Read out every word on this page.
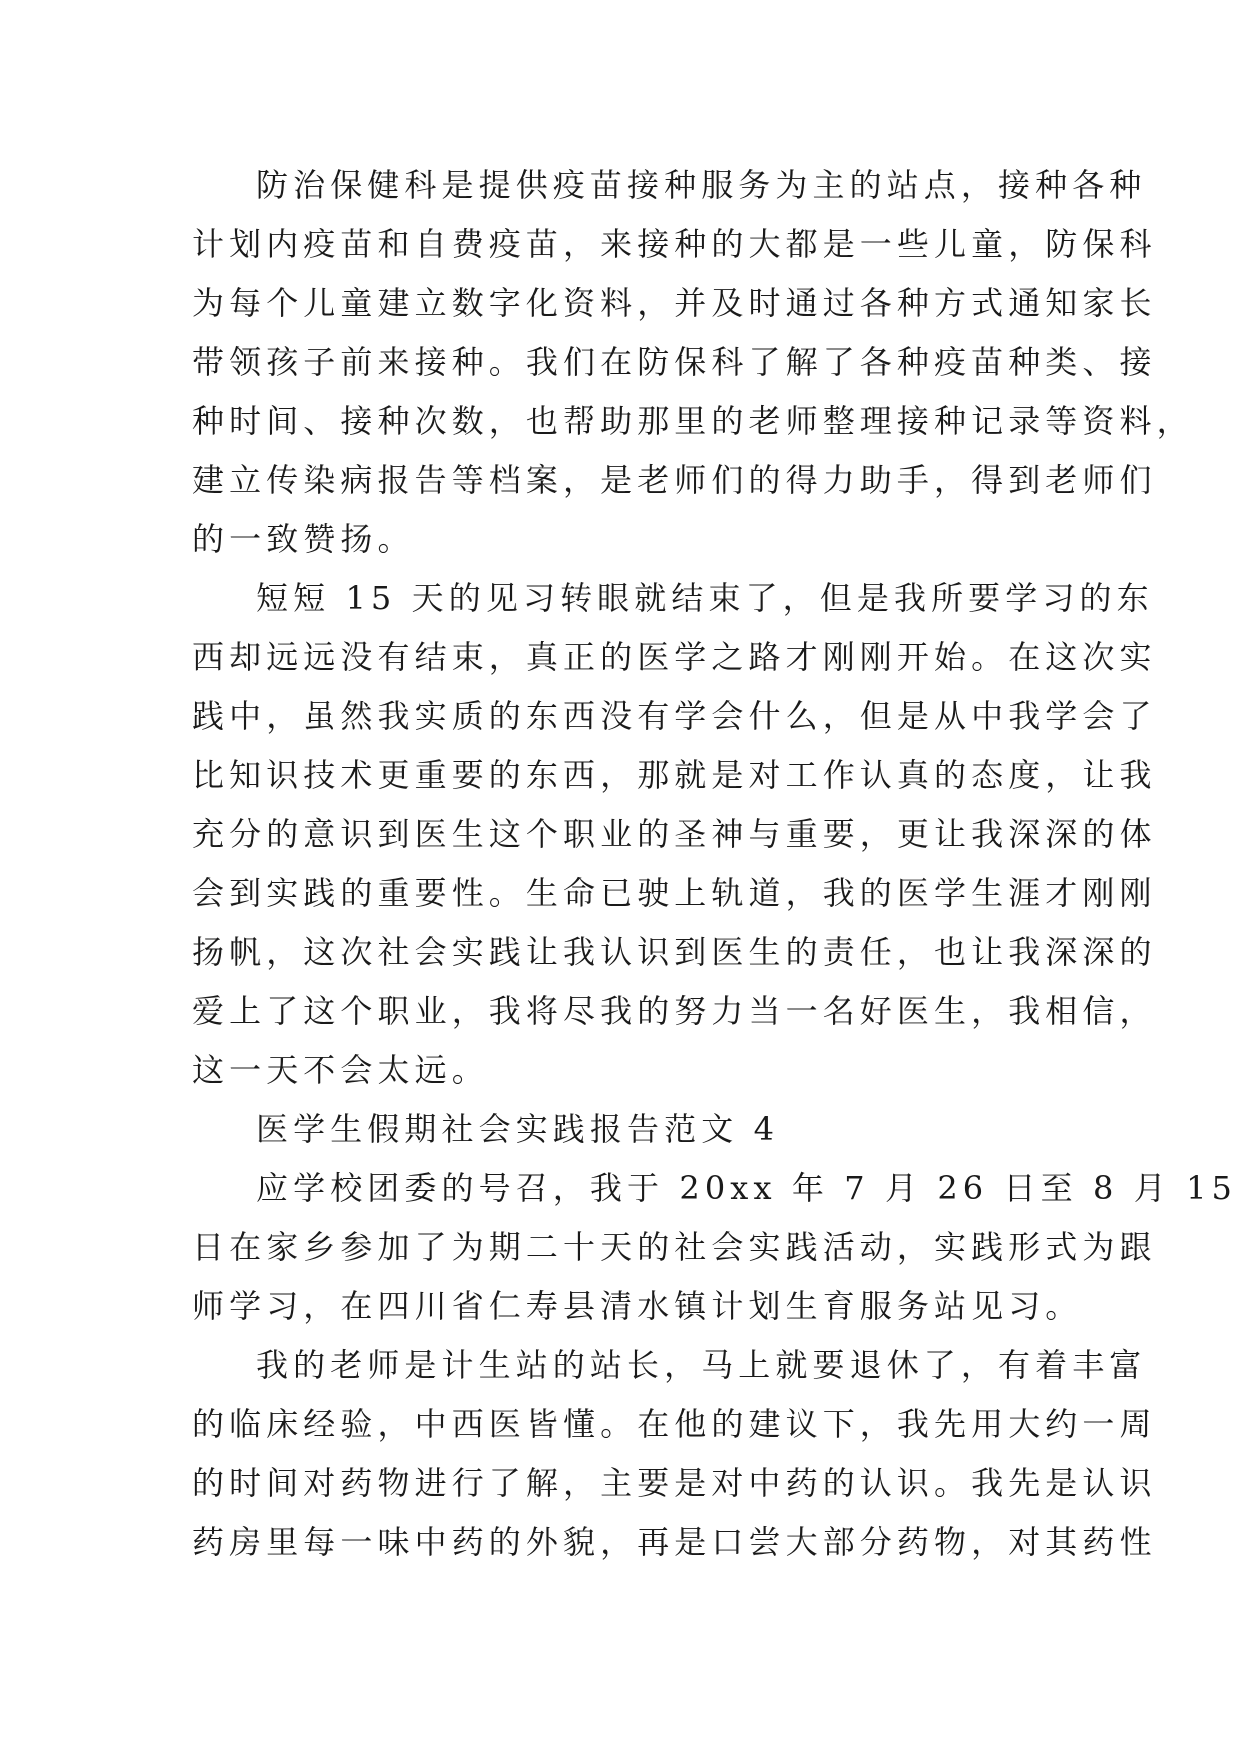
防治保健科是提供疫苗接种服务为主的站点，接种各种
计划内疫苗和自费疫苗，来接种的大都是一些儿童，防保科
为每个儿童建立数字化资料，并及时通过各种方式通知家长
带领孩子前来接种。我们在防保科了解了各种疫苗种类、接
种时间、接种次数，也帮助那里的老师整理接种记录等资料，
建立传染病报告等档案，是老师们的得力助手，得到老师们
的一致赞扬。
短短 15 天的见习转眼就结束了，但是我所要学习的东
西却远远没有结束，真正的医学之路才刚刚开始。在这次实
践中，虽然我实质的东西没有学会什么，但是从中我学会了
比知识技术更重要的东西，那就是对工作认真的态度，让我
充分的意识到医生这个职业的圣神与重要，更让我深深的体
会到实践的重要性。生命已驶上轨道，我的医学生涯才刚刚
扬帆，这次社会实践让我认识到医生的责任，也让我深深的
爱上了这个职业，我将尽我的努力当一名好医生，我相信，
这一天不会太远。
医学生假期社会实践报告范文 4
应学校团委的号召，我于 20xx 年 7 月 26 日至 8 月 15
日在家乡参加了为期二十天的社会实践活动，实践形式为跟
师学习，在四川省仁寿县清水镇计划生育服务站见习。
我的老师是计生站的站长，马上就要退休了，有着丰富
的临床经验，中西医皆懂。在他的建议下，我先用大约一周
的时间对药物进行了解，主要是对中药的认识。我先是认识
药房里每一味中药的外貌，再是口尝大部分药物，对其药性
